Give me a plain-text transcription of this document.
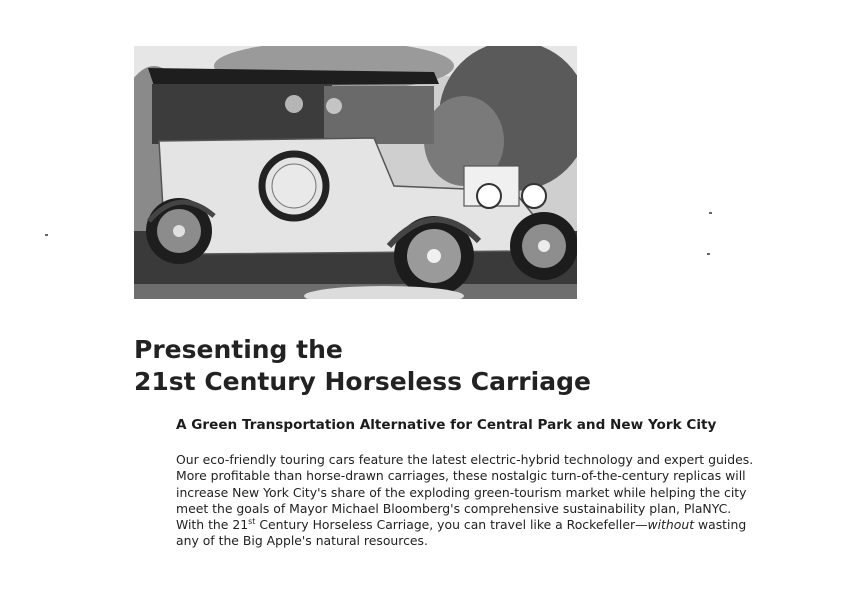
Presenting the
21st Century Horseless Carriage
A Green Transportation Alternative for Central Park and New York City
Our eco-friendly touring cars feature the latest electric-hybrid technology and expert guides.
More profitable than horse-drawn carriages, these nostalgic turn-of-the-century replicas will
increase New York City's share of the exploding green-tourism market while helping the city
meet the goals of Mayor Michael Bloomberg's comprehensive sustainability plan, PlaNYC.
With the 21st Century Horseless Carriage, you can travel like a Rockefeller—without wasting
any of the Big Apple's natural resources.
